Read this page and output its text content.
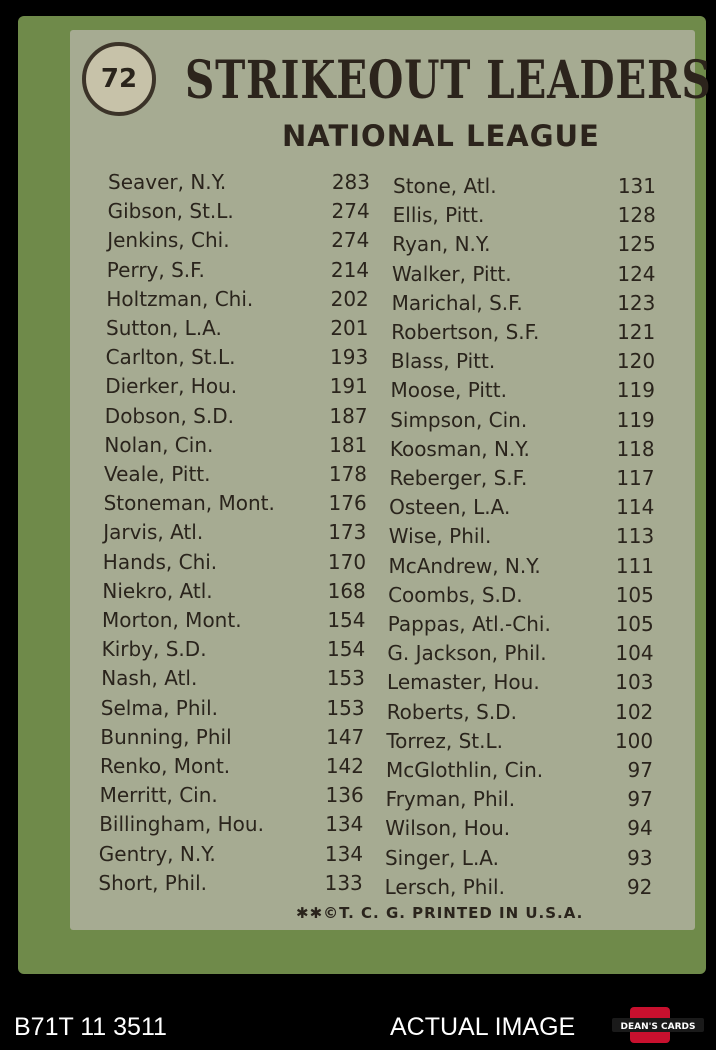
72 STRIKEOUT LEADERS
NATIONAL LEAGUE
Seaver, N.Y.	283
Gibson, St.L.	274
Jenkins, Chi.	274
Perry, S.F.	214
Holtzman, Chi.	202
Sutton, L.A.	201
Carlton, St.L.	193
Dierker, Hou.	191
Dobson, S.D.	187
Nolan, Cin.	181
Veale, Pitt.	178
Stoneman, Mont.	176
Jarvis, Atl.	173
Hands, Chi.	170
Niekro, Atl.	168
Morton, Mont.	154
Kirby, S.D.	154
Nash, Atl.	153
Selma, Phil.	153
Bunning, Phil	147
Renko, Mont.	142
Merritt, Cin.	136
Billingham, Hou.	134
Gentry, N.Y.	134
Short, Phil.	133
Stone, Atl.	131
Ellis, Pitt.	128
Ryan, N.Y.	125
Walker, Pitt.	124
Marichal, S.F.	123
Robertson, S.F.	121
Blass, Pitt.	120
Moose, Pitt.	119
Simpson, Cin.	119
Koosman, N.Y.	118
Reberger, S.F.	117
Osteen, L.A.	114
Wise, Phil.	113
McAndrew, N.Y.	111
Coombs, S.D.	105
Pappas, Atl.-Chi.	105
G. Jackson, Phil.	104
Lemaster, Hou.	103
Roberts, S.D.	102
Torrez, St.L.	100
McGlothlin, Cin.	97
Fryman, Phil.	97
Wilson, Hou.	94
Singer, L.A.	93
Lersch, Phil.	92
✱✱©T. C. G. PRINTED IN U.S.A.
B71T 11 3511	ACTUAL IMAGE	DEAN'S CARDS
